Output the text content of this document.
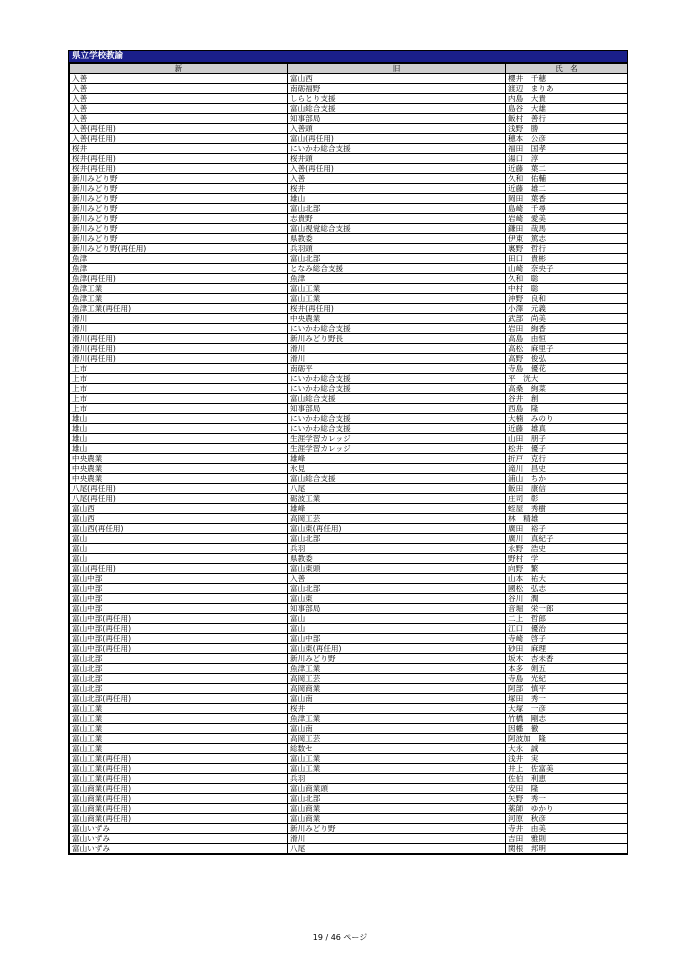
県立学校教諭
新	旧	氏　名
入善	富山西	櫻井　千穂
入善	南砺福野	渡辺　まりあ
入善	しらとり支援	内島　大貴
入善	富山総合支援	島谷　大雄
入善	知事部局	飯村　善行
入善(再任用)	入善頭	浅野　勝
入善(再任用)	富山(再任用)	穂本　公彦
桜井	にいかわ総合支援	福田　国孝
桜井(再任用)	桜井頭	湯口　淳
桜井(再任用)	入善(再任用)	近藤　葉二
新川みどり野	入善	久和　佑輔
新川みどり野	桜井	近藤　雄二
新川みどり野	雄山	岡田　葉香
新川みどり野	富山北部	島崎　千尋
新川みどり野	志貴野	岩崎　愛美
新川みどり野	富山視覚総合支援	鎌田　哉馬
新川みどり野	県教委	伊東　篤志
新川みどり野(再任用)	兵羽頭	裏野　哲行
魚津	富山北部	田口　貴彬
魚津	となみ総合支援	山崎　奈央子
魚津(再任用)	魚津	久和　聡
魚津工業	富山工業	中村　聡
魚津工業	富山工業	沖野　良和
魚津工業(再任用)	桜井(再任用)	小澤　元義
滑川	中央農業	武部　尚美
滑川	にいかわ総合支援	岩田　絢香
滑川(再任用)	新川みどり野長	高島　由恒
滑川(再任用)	滑川	高松　麻里子
滑川(再任用)	滑川	高野　俊弘
上市	南砺平	寺島　優花
上市	にいかわ総合支援	平　洸大
上市	にいかわ総合支援	高桑　絢菜
上市	富山総合支援	谷井　創
上市	知事部局	西島　隆
雄山	にいかわ総合支援	大楠　みのり
雄山	にいかわ総合支援	近藤　雄真
雄山	生涯学習カレッジ	山田　朋子
雄山	生涯学習カレッジ	松井　優子
中央農業	雄峰	折戸　克行
中央農業	氷見	滝川　昌史
中央農業	富山総合支援	浦山　ちか
八尾(再任用)	八尾	飯田　康信
八尾(再任用)	砺波工業	庄司　彰
富山西	雄峰	蛭屋　秀樹
富山西	高岡工芸	林　精雄
富山西(再任用)	富山東(再任用)	廣田　裕子
富山	富山北部	廣川　真紀子
富山	兵羽	永野　浩史
富山	県教委	野村　学
富山(再任用)	富山東頭	向野　繁
富山中部	入善	山本　祐大
富山中部	富山北部	國松　弘志
富山中部	富山東	谷川　潤
富山中部	知事部局	音堀　栄一郎
富山中部(再任用)	富山	二上　哲郎
富山中部(再任用)	富山	江口　優治
富山中部(再任用)	富山中部	寺崎　啓子
富山中部(再任用)	富山東(再任用)	砂田　麻理
富山北部	新川みどり野	坂木　杏未香
富山北部	魚津工業	本多　剣五
富山北部	高岡工芸	寺島　光紀
富山北部	高岡商業	阿部　慎平
富山北部(再任用)	富山南	塚田　秀一
富山工業	桜井	大塚　一彦
富山工業	魚津工業	竹橋　剛志
富山工業	富山南	因幡　徹
富山工業	高岡工芸	阿波加　隆
富山工業	総数セ	大永　誠
富山工業(再任用)	富山工業	浅井　実
富山工業(再任用)	富山工業	井上　佐富美
富山工業(再任用)	兵羽	佐伯　利恵
富山商業(再任用)	富山商業頭	安田　隆
富山商業(再任用)	富山北部	矢野　秀一
富山商業(再任用)	富山商業	薬師　ゆかり
富山商業(再任用)	富山商業	河原　秋彦
富山いずみ	新川みどり野	寺井　由美
富山いずみ	滑川	吉田　雅則
富山いずみ	八尾	関根　邦明
19 / 46 ページ
